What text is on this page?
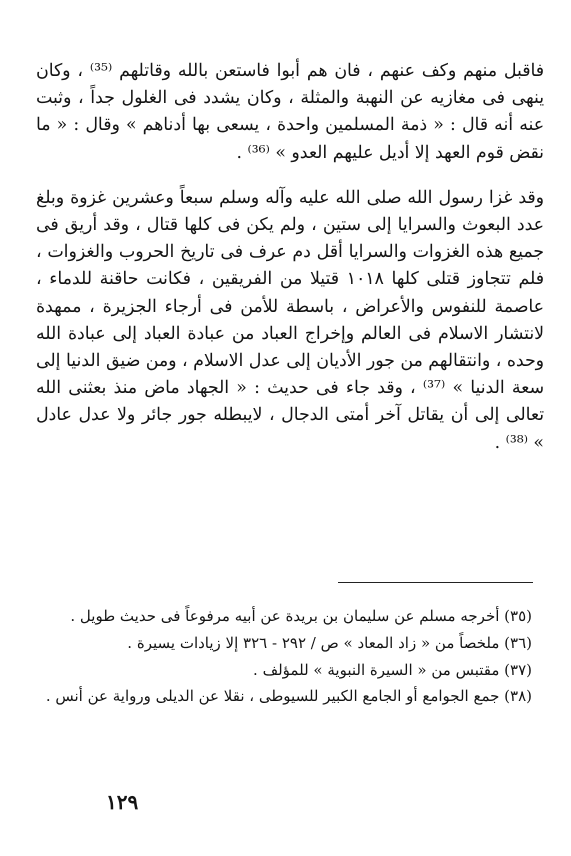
فاقبل منهم وكف عنهم ، فان هم أبوا فاستعن بالله وقاتلهم ⁽³⁵⁾ ، وكان ينهى فى مغازيه عن النهبة والمثلة ، وكان يشدد فى الغلول جداً ، وثبت عنه أنه قال : « ذمة المسلمين واحدة ، يسعى بها أدناهم » وقال : « ما نقض قوم العهد إلا أديل عليهم العدو » ⁽³⁶⁾ .

وقد غزا رسول الله صلى الله عليه وآله وسلم سبعاً وعشرين غزوة وبلغ عدد البعوث والسرايا إلى ستين ، ولم يكن فى كلها قتال ، وقد أريق فى جميع هذه الغزوات والسرايا أقل دم عرف فى تاريخ الحروب والغزوات ، فلم تتجاوز قتلى كلها ١٠١٨ قتيلا من الفريقين ، فكانت حاقنة للدماء ، عاصمة للنفوس والأعراض ، باسطة للأمن فى أرجاء الجزيرة ، ممهدة لانتشار الاسلام فى العالم وإخراج العباد من عبادة العباد إلى عبادة الله وحده ، وانتقالهم من جور الأديان إلى عدل الاسلام ، ومن ضيق الدنيا إلى سعة الدنيا » ⁽³⁷⁾ ، وقد جاء فى حديث : « الجهاد ماض منذ بعثنى الله تعالى إلى أن يقاتل آخر أمتى الدجال ، لايبطله جور جائر ولا عدل عادل » ⁽³⁸⁾ .

(٣٥) أخرجه مسلم عن سليمان بن بريدة عن أبيه مرفوعاً فى حديث طويل .

(٣٦) ملخصاً من « زاد المعاد » ص / ٢٩٢ - ٣٢٦ إلا زيادات يسيرة .

(٣٧) مقتبس من « السيرة النبوية » للمؤلف .

(٣٨) جمع الجوامع أو الجامع الكبير للسيوطى ، نقلا عن الديلى ورواية عن أنس .

١٢٩
